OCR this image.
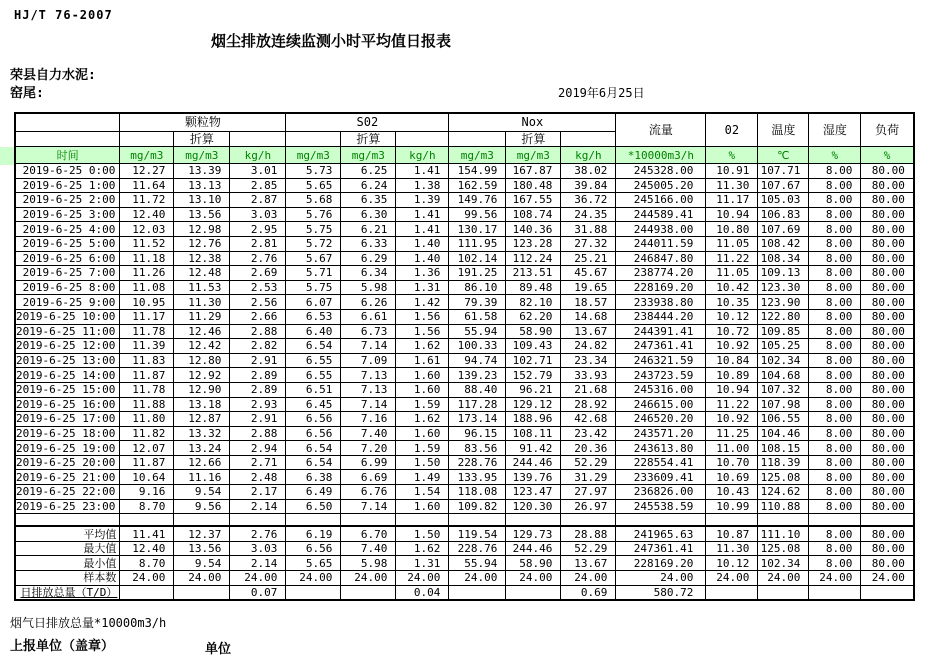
HJ/T 76-2007
烟尘排放连续监测小时平均值日报表
荣县自力水泥:
窑尾:	2019年6月25日
	颗粒物			S02			Nox			流量	02	温度	湿度	负荷
		折算			折算			折算						
时间	mg/m3	mg/m3	kg/h	mg/m3	mg/m3	kg/h	mg/m3	mg/m3	kg/h	*10000m3/h	%	℃	%	%
2019-6-25 0:00	12.27	13.39	3.01	5.73	6.25	1.41	154.99	167.87	38.02	245328.00	10.91	107.71	8.00	80.00
2019-6-25 1:00	11.64	13.13	2.85	5.65	6.24	1.38	162.59	180.48	39.84	245005.20	11.30	107.67	8.00	80.00
2019-6-25 2:00	11.72	13.10	2.87	5.68	6.35	1.39	149.76	167.55	36.72	245166.00	11.17	105.03	8.00	80.00
2019-6-25 3:00	12.40	13.56	3.03	5.76	6.30	1.41	99.56	108.74	24.35	244589.41	10.94	106.83	8.00	80.00
2019-6-25 4:00	12.03	12.98	2.95	5.75	6.21	1.41	130.17	140.36	31.88	244938.00	10.80	107.69	8.00	80.00
2019-6-25 5:00	11.52	12.76	2.81	5.72	6.33	1.40	111.95	123.28	27.32	244011.59	11.05	108.42	8.00	80.00
2019-6-25 6:00	11.18	12.38	2.76	5.67	6.29	1.40	102.14	112.24	25.21	246847.80	11.22	108.34	8.00	80.00
2019-6-25 7:00	11.26	12.48	2.69	5.71	6.34	1.36	191.25	213.51	45.67	238774.20	11.05	109.13	8.00	80.00
2019-6-25 8:00	11.08	11.53	2.53	5.75	5.98	1.31	86.10	89.48	19.65	228169.20	10.42	123.30	8.00	80.00
2019-6-25 9:00	10.95	11.30	2.56	6.07	6.26	1.42	79.39	82.10	18.57	233938.80	10.35	123.90	8.00	80.00
2019-6-25 10:00	11.17	11.29	2.66	6.53	6.61	1.56	61.58	62.20	14.68	238444.20	10.12	122.80	8.00	80.00
2019-6-25 11:00	11.78	12.46	2.88	6.40	6.73	1.56	55.94	58.90	13.67	244391.41	10.72	109.85	8.00	80.00
2019-6-25 12:00	11.39	12.42	2.82	6.54	7.14	1.62	100.33	109.43	24.82	247361.41	10.92	105.25	8.00	80.00
2019-6-25 13:00	11.83	12.80	2.91	6.55	7.09	1.61	94.74	102.71	23.34	246321.59	10.84	102.34	8.00	80.00
2019-6-25 14:00	11.87	12.92	2.89	6.55	7.13	1.60	139.23	152.79	33.93	243723.59	10.89	104.68	8.00	80.00
2019-6-25 15:00	11.78	12.90	2.89	6.51	7.13	1.60	88.40	96.21	21.68	245316.00	10.94	107.32	8.00	80.00
2019-6-25 16:00	11.88	13.18	2.93	6.45	7.14	1.59	117.28	129.12	28.92	246615.00	11.22	107.98	8.00	80.00
2019-6-25 17:00	11.80	12.87	2.91	6.56	7.16	1.62	173.14	188.96	42.68	246520.20	10.92	106.55	8.00	80.00
2019-6-25 18:00	11.82	13.32	2.88	6.56	7.40	1.60	96.15	108.11	23.42	243571.20	11.25	104.46	8.00	80.00
2019-6-25 19:00	12.07	13.24	2.94	6.54	7.20	1.59	83.56	91.42	20.36	243613.80	11.00	108.15	8.00	80.00
2019-6-25 20:00	11.87	12.66	2.71	6.54	6.99	1.50	228.76	244.46	52.29	228554.41	10.70	118.39	8.00	80.00
2019-6-25 21:00	10.64	11.16	2.48	6.38	6.69	1.49	133.95	139.76	31.29	233609.41	10.69	125.08	8.00	80.00
2019-6-25 22:00	9.16	9.54	2.17	6.49	6.76	1.54	118.08	123.47	27.97	236826.00	10.43	124.62	8.00	80.00
2019-6-25 23:00	8.70	9.56	2.14	6.50	7.14	1.60	109.82	120.30	26.97	245538.59	10.99	110.88	8.00	80.00

平均值	11.41	12.37	2.76	6.19	6.70	1.50	119.54	129.73	28.88	241965.63	10.87	111.10	8.00	80.00
最大值	12.40	13.56	3.03	6.56	7.40	1.62	228.76	244.46	52.29	247361.41	11.30	125.08	8.00	80.00
最小值	8.70	9.54	2.14	5.65	5.98	1.31	55.94	58.90	13.67	228169.20	10.12	102.34	8.00	80.00
样本数	24.00	24.00	24.00	24.00	24.00	24.00	24.00	24.00	24.00	24.00	24.00	24.00	24.00	24.00

日排放总量（T/D）			0.07			0.04			0.69	580.72				
烟气日排放总量*10000m3/h
上报单位（盖章）	单位
